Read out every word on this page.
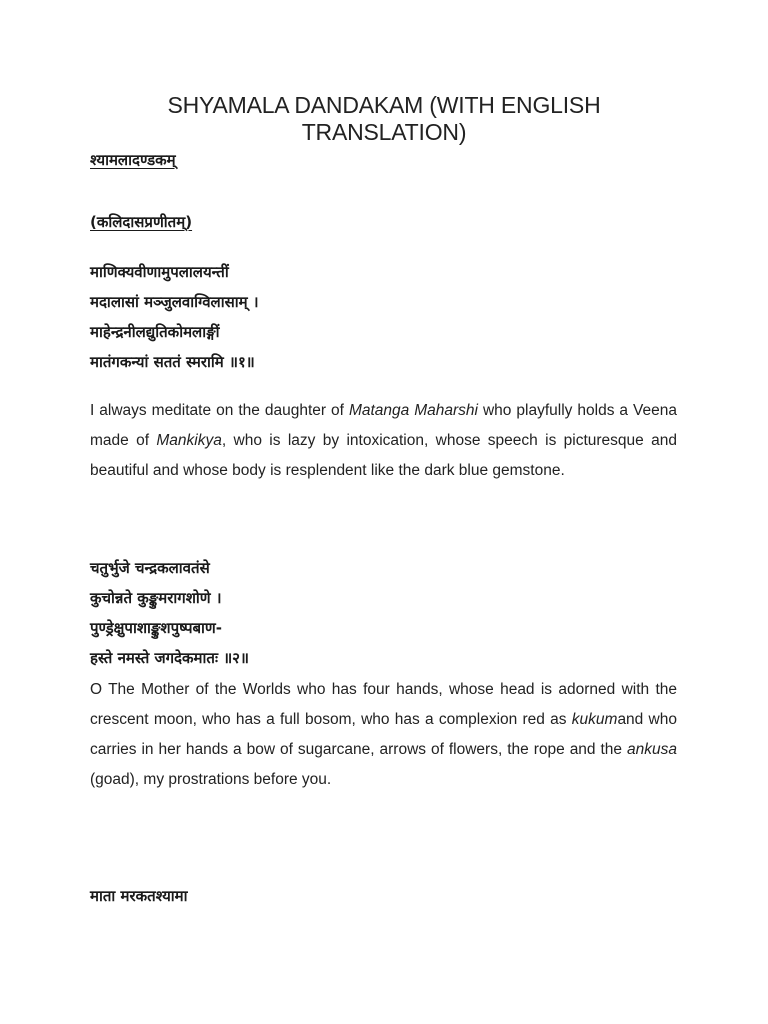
SHYAMALA DANDAKAM (WITH ENGLISH
TRANSLATION)
श्यामलादण्डकम्
(कलिदासप्रणीतम्)
माणिक्यवीणामुपलालयन्तीं
मदालासां मञ्जुलवाग्विलासाम् ।
माहेन्द्रनीलद्युतिकोमलाङ्गीं
मातंगकन्यां सततं स्मरामि ॥१॥
I always meditate on the daughter of Matanga Maharshi who playfully holds a Veena made of Mankikya, who is lazy by intoxication, whose speech is picturesque and beautiful and whose body is resplendent like the dark blue gemstone.
चतुर्भुजे चन्द्रकलावतंसे
कुचोन्नते कुङ्कुमरागशोणे ।
पुण्ड्रेक्षुपाशाङ्कुशपुष्पबाण-
हस्ते नमस्ते जगदेकमातः ॥२॥
O The Mother of the Worlds who has four hands, whose head is adorned with the crescent moon, who has a full bosom, who has a complexion red as kukumand who carries in her hands a bow of sugarcane, arrows of flowers, the rope and the ankusa (goad), my prostrations before you.
माता मरकतश्यामा
